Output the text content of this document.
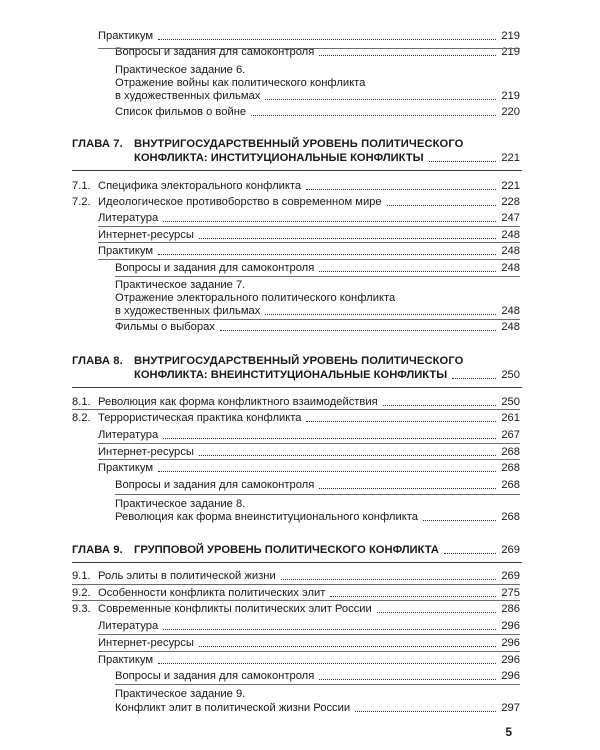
Практикум	219
Вопросы и задания для самоконтроля	219
Практическое задание 6.
Отражение войны как политического конфликта
в художественных фильмах	219
Список фильмов о войне	220
ГЛАВА 7. ВНУТРИГОСУДАРСТВЕННЫЙ УРОВЕНЬ ПОЛИТИЧЕСКОГО
КОНФЛИКТА: ИНСТИТУЦИОНАЛЬНЫЕ КОНФЛИКТЫ	221
7.1. Специфика электорального конфликта	221
7.2. Идеологическое противоборство в современном мире	228
Литература	247
Интернет-ресурсы	248
Практикум	248
Вопросы и задания для самоконтроля	248
Практическое задание 7.
Отражение электорального политического конфликта
в художественных фильмах	248
Фильмы о выборах	248
ГЛАВА 8. ВНУТРИГОСУДАРСТВЕННЫЙ УРОВЕНЬ ПОЛИТИЧЕСКОГО
КОНФЛИКТА: ВНЕИНСТИТУЦИОНАЛЬНЫЕ КОНФЛИКТЫ	250
8.1. Революция как форма конфликтного взаимодействия	250
8.2. Террористическая практика конфликта	261
Литература	267
Интернет-ресурсы	268
Практикум	268
Вопросы и задания для самоконтроля	268
Практическое задание 8.
Революция как форма внеинституционального конфликта	268
ГЛАВА 9. ГРУППОВОЙ УРОВЕНЬ ПОЛИТИЧЕСКОГО КОНФЛИКТА	269
9.1. Роль элиты в политической жизни	269
9.2. Особенности конфликта политических элит	275
9.3. Современные конфликты политических элит России	286
Литература	296
Интернет-ресурсы	296
Практикум	296
Вопросы и задания для самоконтроля	296
Практическое задание 9.
Конфликт элит в политической жизни России	297
5
